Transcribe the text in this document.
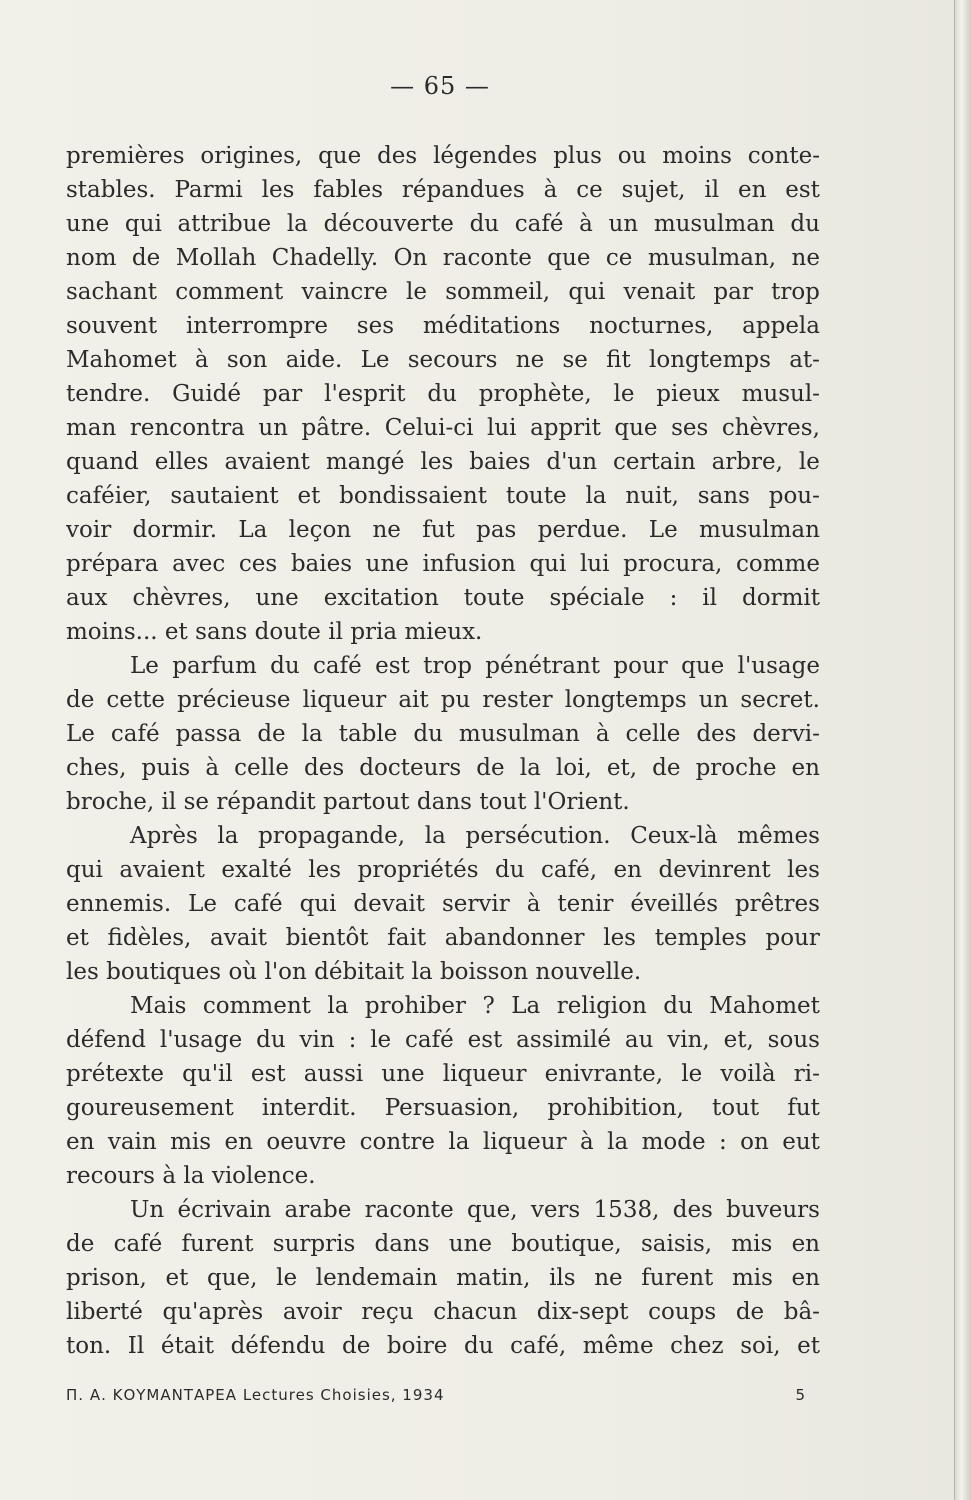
— 65 —
premières origines, que des légendes plus ou moins conte-
stables. Parmi les fables répandues à ce sujet, il en est
une qui attribue la découverte du café à un musulman du
nom de Mollah Chadelly. On raconte que ce musulman, ne
sachant comment vaincre le sommeil, qui venait par trop
souvent interrompre ses méditations nocturnes, appela
Mahomet à son aide. Le secours ne se fit longtemps at-
tendre. Guidé par l'esprit du prophète, le pieux musul-
man rencontra un pâtre. Celui-ci lui apprit que ses chèvres,
quand elles avaient mangé les baies d'un certain arbre, le
caféier, sautaient et bondissaient toute la nuit, sans pou-
voir dormir. La leçon ne fut pas perdue. Le musulman
prépara avec ces baies une infusion qui lui procura, comme
aux chèvres, une excitation toute spéciale : il dormit
moins... et sans doute il pria mieux.
Le parfum du café est trop pénétrant pour que l'usage
de cette précieuse liqueur ait pu rester longtemps un secret.
Le café passa de la table du musulman à celle des dervi-
ches, puis à celle des docteurs de la loi, et, de proche en
broche, il se répandit partout dans tout l'Orient.
Après la propagande, la persécution. Ceux-là mêmes
qui avaient exalté les propriétés du café, en devinrent les
ennemis. Le café qui devait servir à tenir éveillés prêtres
et fidèles, avait bientôt fait abandonner les temples pour
les boutiques où l'on débitait la boisson nouvelle.
Mais comment la prohiber ? La religion du Mahomet
défend l'usage du vin : le café est assimilé au vin, et, sous
prétexte qu'il est aussi une liqueur enivrante, le voilà ri-
goureusement interdit. Persuasion, prohibition, tout fut
en vain mis en oeuvre contre la liqueur à la mode : on eut
recours à la violence.
Un écrivain arabe raconte que, vers 1538, des buveurs
de café furent surpris dans une boutique, saisis, mis en
prison, et que, le lendemain matin, ils ne furent mis en
liberté qu'après avoir reçu chacun dix-sept coups de bâ-
ton. Il était défendu de boire du café, même chez soi, et
Π. Α. ΚΟΥΜΑΝΤΑΡΕΑ Lectures Choisies, 1934	5
